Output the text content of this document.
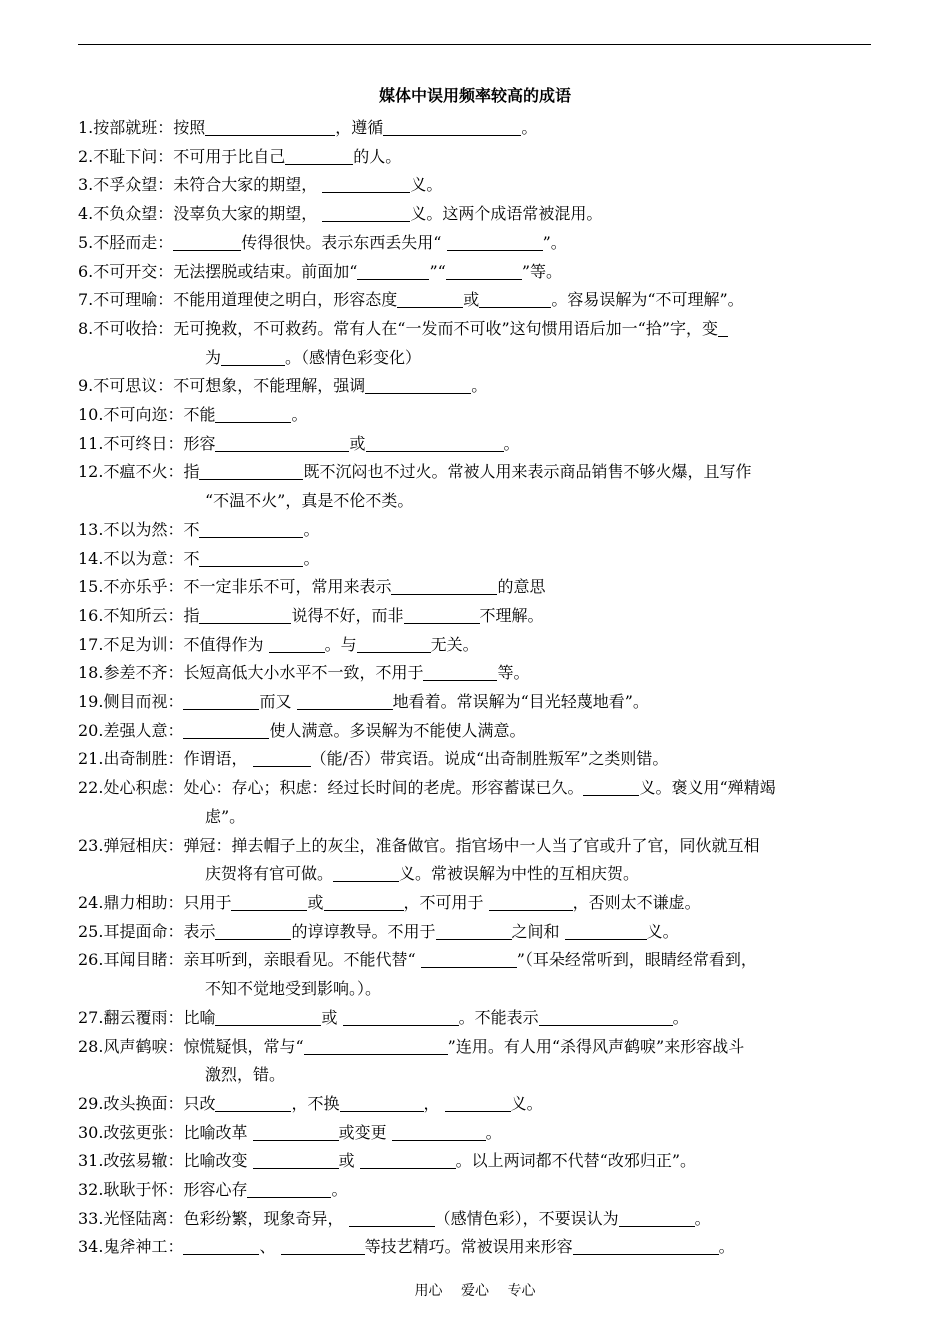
媒体中误用频率较高的成语
1. 按部就班： 按照	，遵循	。
2. 不耻下问： 不可用于比自己	的人。
3. 不孚众望： 未符合大家的期望，	义。
4. 不负众望： 没辜负大家的期望，	义。这两个成语常被混用。
5. 不胫而走：	传得很快。表示东西丢失用“	”。
6. 不可开交： 无法摆脱或结束。前面加“	”“	”等。
7. 不可理喻： 不能用道理使之明白，形容态度	或	。容易误解为“不可理解”。
8. 不可收拾： 无可挽救，不可救药。常有人在“一发而不可收”这句惯用语后加一“拾”字，变
为	。（感情色彩变化）
9. 不可思议： 不可想象，不能理解，强调	。
10. 不可向迩： 不能	。
11. 不可终日： 形容	或	。
12. 不瘟不火： 指	既不沉闷也不过火。常被人用来表示商品销售不够火爆，且写作
“不温不火”，真是不伦不类。
13. 不以为然： 不	。
14. 不以为意： 不	。
15. 不亦乐乎： 不一定非乐不可，常用来表示	的意思
16. 不知所云： 指	说得不好，而非	不理解。
17. 不足为训： 不值得作为	。与	无关。
18. 参差不齐： 长短高低大小水平不一致，不用于	等。
19. 侧目而视：	而又	地看着。常误解为“目光轻蔑地看”。
20. 差强人意：	使人满意。多误解为不能使人满意。
21. 出奇制胜： 作谓语，	（能/否）带宾语。说成“出奇制胜叛军”之类则错。
22. 处心积虑： 处心：存心；积虑：经过长时间的老虎。形容蓄谋已久。	义。褒义用“殚精竭
虑”。
23. 弹冠相庆： 弹冠：掸去帽子上的灰尘，准备做官。指官场中一人当了官或升了官，同伙就互相
庆贺将有官可做。	义。常被误解为中性的互相庆贺。
24. 鼎力相助： 只用于	或	，不可用于	，否则太不谦虚。
25. 耳提面命： 表示	的谆谆教导。不用于	之间和	义。
26. 耳闻目睹： 亲耳听到，亲眼看见。不能代替“	”（耳朵经常听到，眼睛经常看到，
不知不觉地受到影响。）。
27. 翻云覆雨： 比喻	或	。不能表示	。
28. 风声鹤唳： 惊慌疑惧，常与“	”连用。有人用“杀得风声鹤唳”来形容战斗
激烈，错。
29. 改头换面： 只改	，不换	，	义。
30. 改弦更张： 比喻改革	或变更	。
31. 改弦易辙： 比喻改变	或	。以上两词都不代替“改邪归正”。
32. 耿耿于怀： 形容心存	。
33. 光怪陆离： 色彩纷繁，现象奇异，	（感情色彩），不要误认为	。
34. 鬼斧神工：	、	等技艺精巧。常被误用来形容	。
用心 爱心 专心
